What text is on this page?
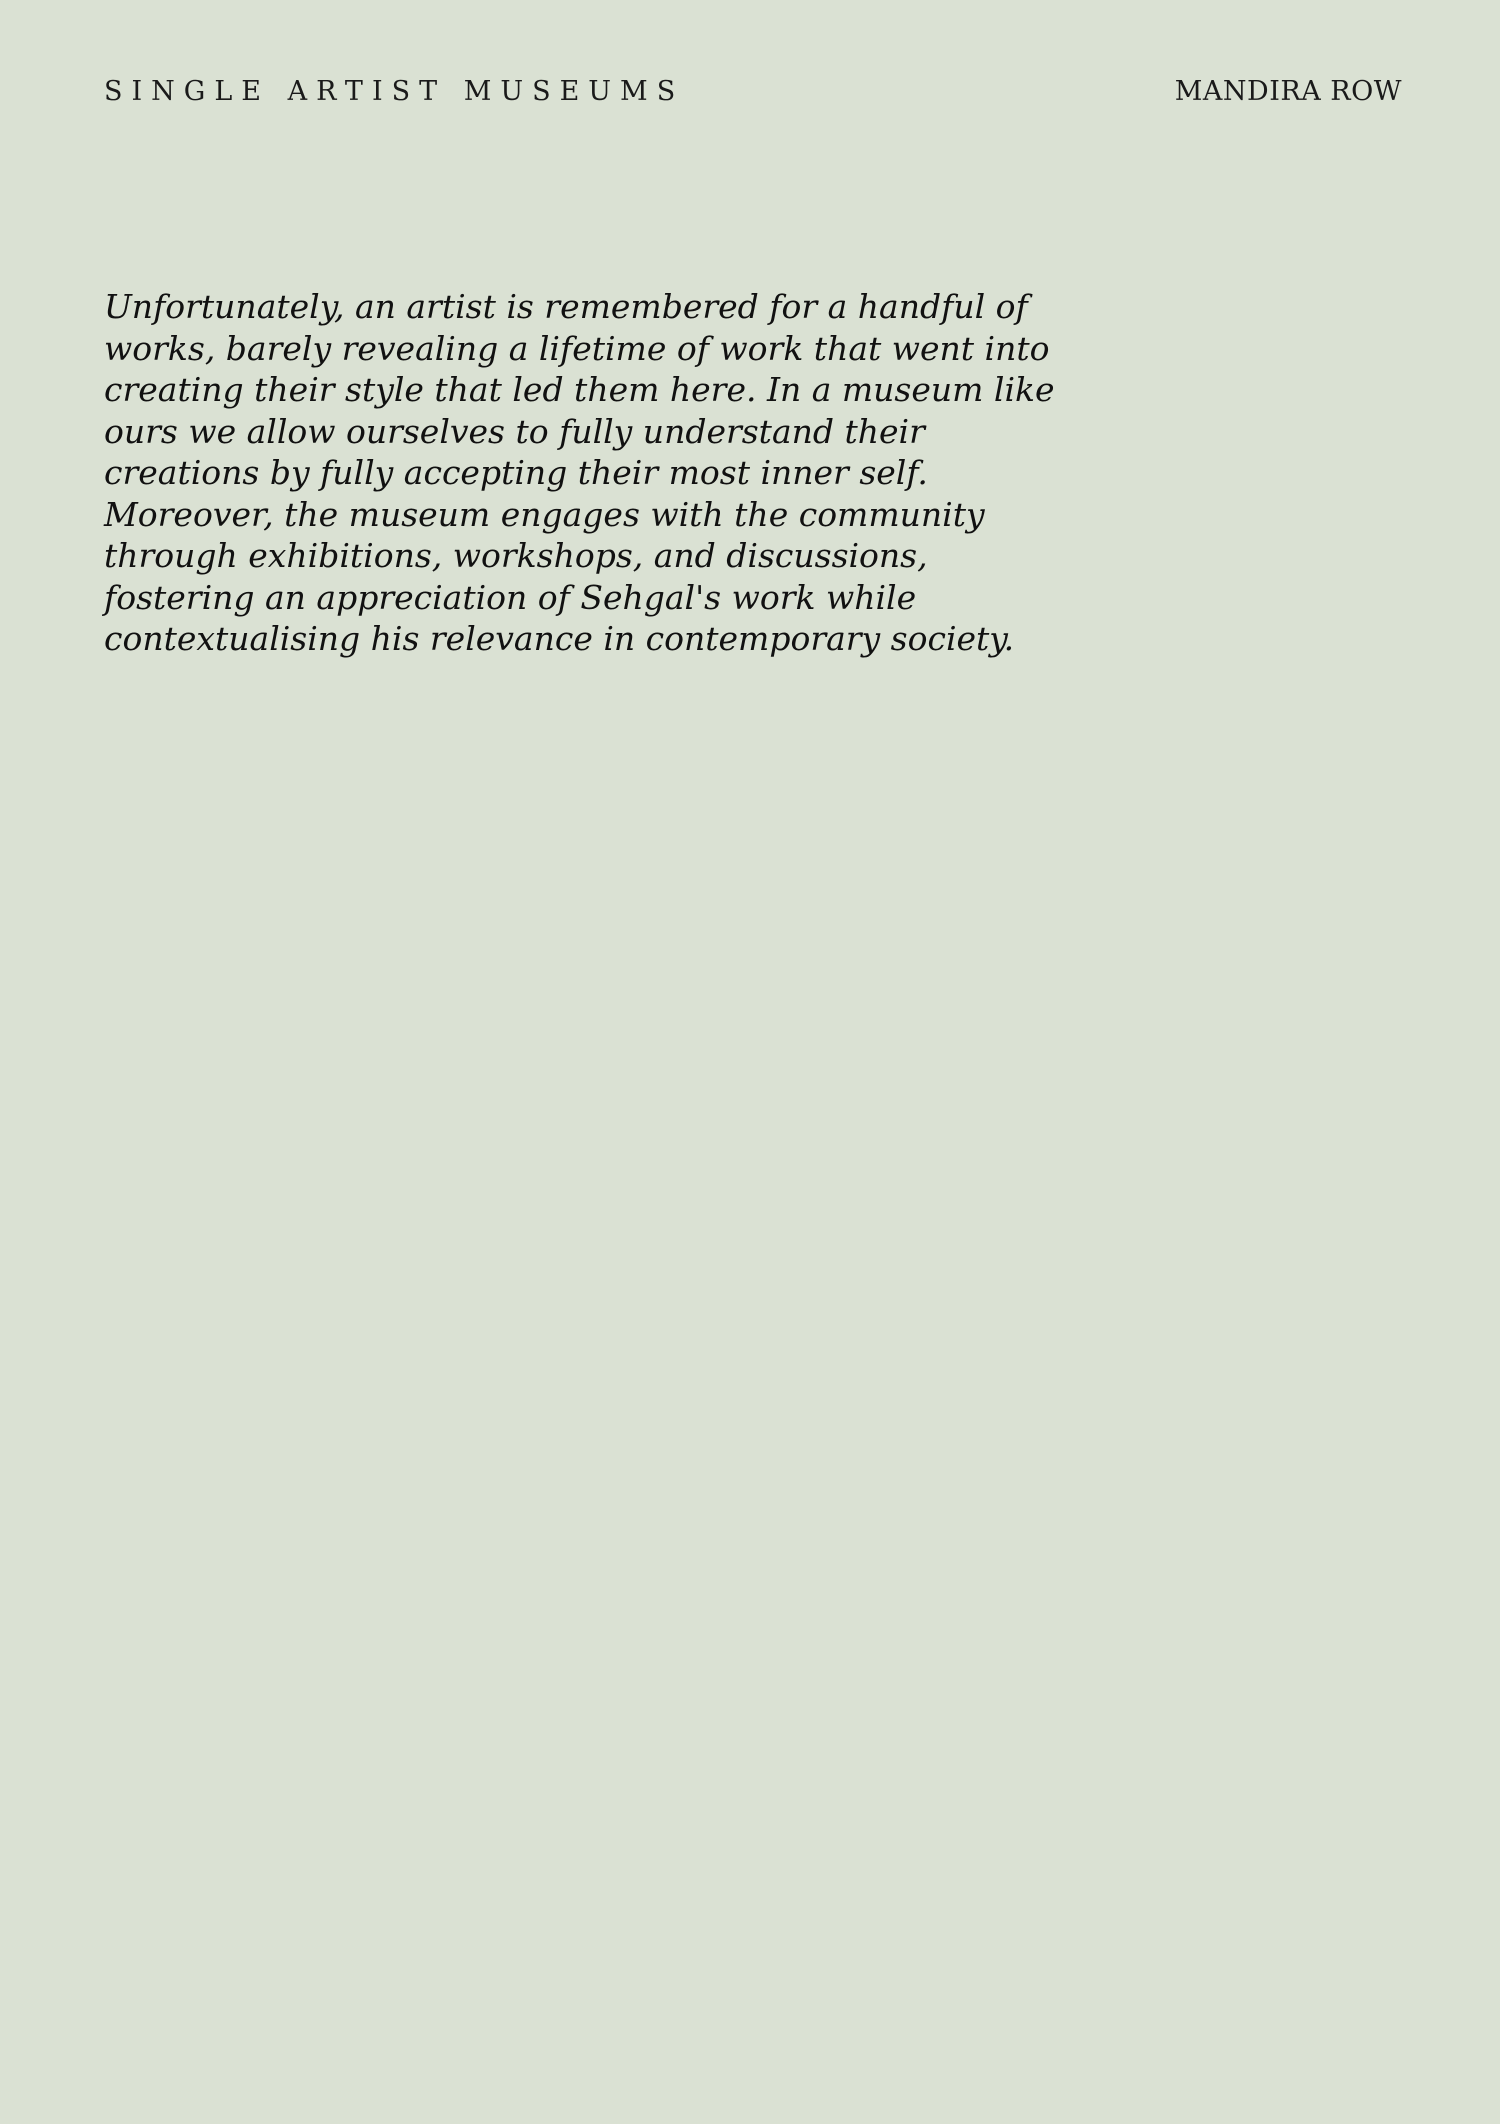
SINGLE ARTIST MUSEUMS	MANDIRA ROW

Unfortunately, an artist is remembered for a handful of works, barely revealing a lifetime of work that went into creating their style that led them here. In a museum like ours we allow ourselves to fully understand their creations by fully accepting their most inner self. Moreover, the museum engages with the community through exhibitions, workshops, and discussions, fostering an appreciation of Sehgal's work while contextualising his relevance in contemporary society.
